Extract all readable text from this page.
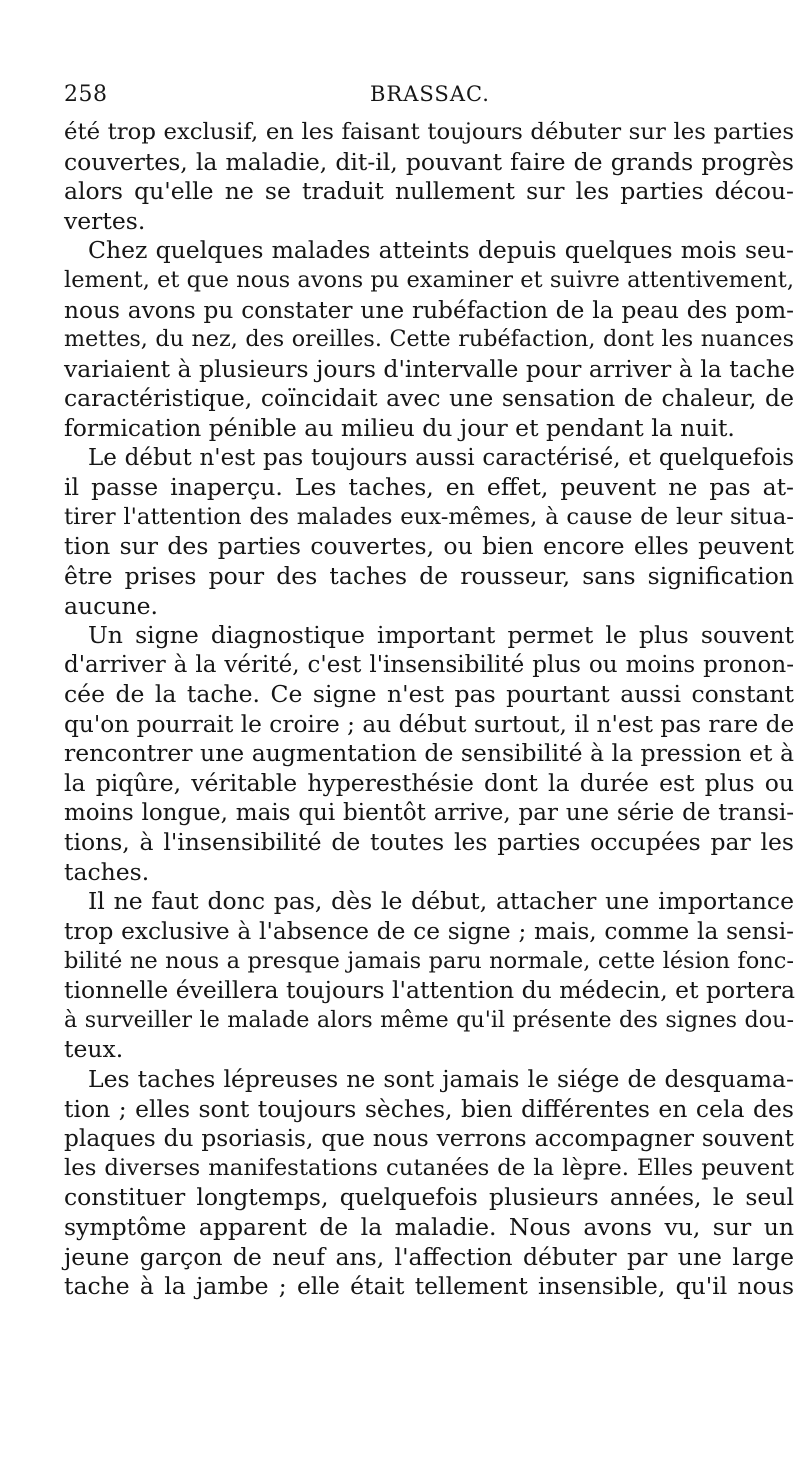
258	BRASSAC.
été trop exclusif, en les faisant toujours débuter sur les parties
couvertes, la maladie, dit-il, pouvant faire de grands progrès
alors qu'elle ne se traduit nullement sur les parties décou-
vertes.
Chez quelques malades atteints depuis quelques mois seu-
lement, et que nous avons pu examiner et suivre attentivement,
nous avons pu constater une rubéfaction de la peau des pom-
mettes, du nez, des oreilles. Cette rubéfaction, dont les nuances
variaient à plusieurs jours d'intervalle pour arriver à la tache
caractéristique, coïncidait avec une sensation de chaleur, de
formication pénible au milieu du jour et pendant la nuit.
Le début n'est pas toujours aussi caractérisé, et quelquefois
il passe inaperçu. Les taches, en effet, peuvent ne pas at-
tirer l'attention des malades eux-mêmes, à cause de leur situa-
tion sur des parties couvertes, ou bien encore elles peuvent
être prises pour des taches de rousseur, sans signification
aucune.
Un signe diagnostique important permet le plus souvent
d'arriver à la vérité, c'est l'insensibilité plus ou moins pronon-
cée de la tache. Ce signe n'est pas pourtant aussi constant
qu'on pourrait le croire ; au début surtout, il n'est pas rare de
rencontrer une augmentation de sensibilité à la pression et à
la piqûre, véritable hyperesthésie dont la durée est plus ou
moins longue, mais qui bientôt arrive, par une série de transi-
tions, à l'insensibilité de toutes les parties occupées par les
taches.
Il ne faut donc pas, dès le début, attacher une importance
trop exclusive à l'absence de ce signe ; mais, comme la sensi-
bilité ne nous a presque jamais paru normale, cette lésion fonc-
tionnelle éveillera toujours l'attention du médecin, et portera
à surveiller le malade alors même qu'il présente des signes dou-
teux.
Les taches lépreuses ne sont jamais le siége de desquama-
tion ; elles sont toujours sèches, bien différentes en cela des
plaques du psoriasis, que nous verrons accompagner souvent
les diverses manifestations cutanées de la lèpre. Elles peuvent
constituer longtemps, quelquefois plusieurs années, le seul
symptôme apparent de la maladie. Nous avons vu, sur un
jeune garçon de neuf ans, l'affection débuter par une large
tache à la jambe ; elle était tellement insensible, qu'il nous
